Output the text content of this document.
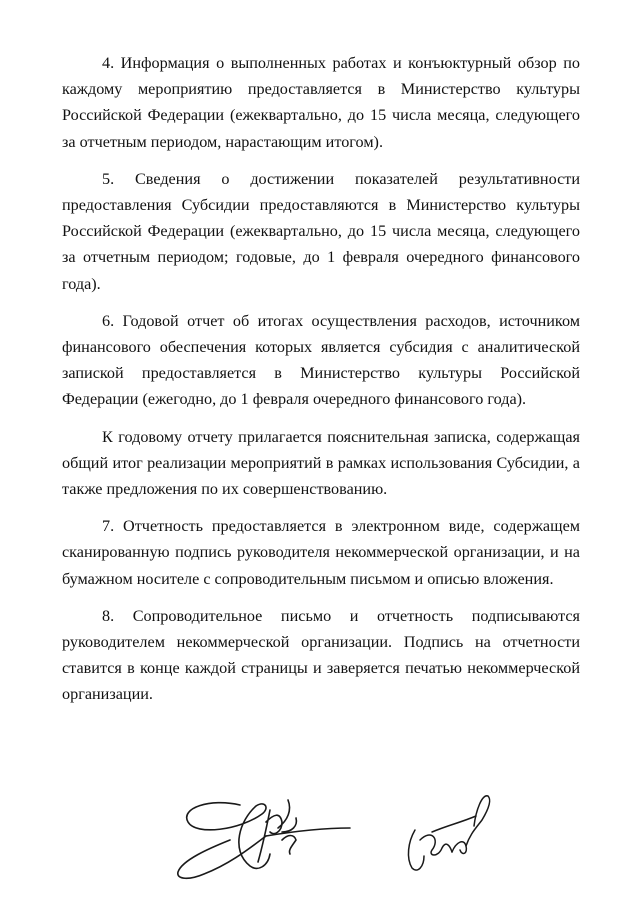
4. Информация о выполненных работах и конъюктурный обзор по каждому мероприятию предоставляется в Министерство культуры Российской Федерации (ежеквартально, до 15 числа месяца, следующего за отчетным периодом, нарастающим итогом).

5. Сведения о достижении показателей результативности предоставления Субсидии предоставляются в Министерство культуры Российской Федерации (ежеквартально, до 15 числа месяца, следующего за отчетным периодом; годовые, до 1 февраля очередного финансового года).

6. Годовой отчет об итогах осуществления расходов, источником финансового обеспечения которых является субсидия с аналитической запиской предоставляется в Министерство культуры Российской Федерации (ежегодно, до 1 февраля очередного финансового года).

К годовому отчету прилагается пояснительная записка, содержащая общий итог реализации мероприятий в рамках использования Субсидии, а также предложения по их совершенствованию.

7. Отчетность предоставляется в электронном виде, содержащем сканированную подпись руководителя некоммерческой организации, и на бумажном носителе с сопроводительным письмом и описью вложения.

8. Сопроводительное письмо и отчетность подписываются руководителем некоммерческой организации. Подпись на отчетности ставится в конце каждой страницы и заверяется печатью некоммерческой организации.
